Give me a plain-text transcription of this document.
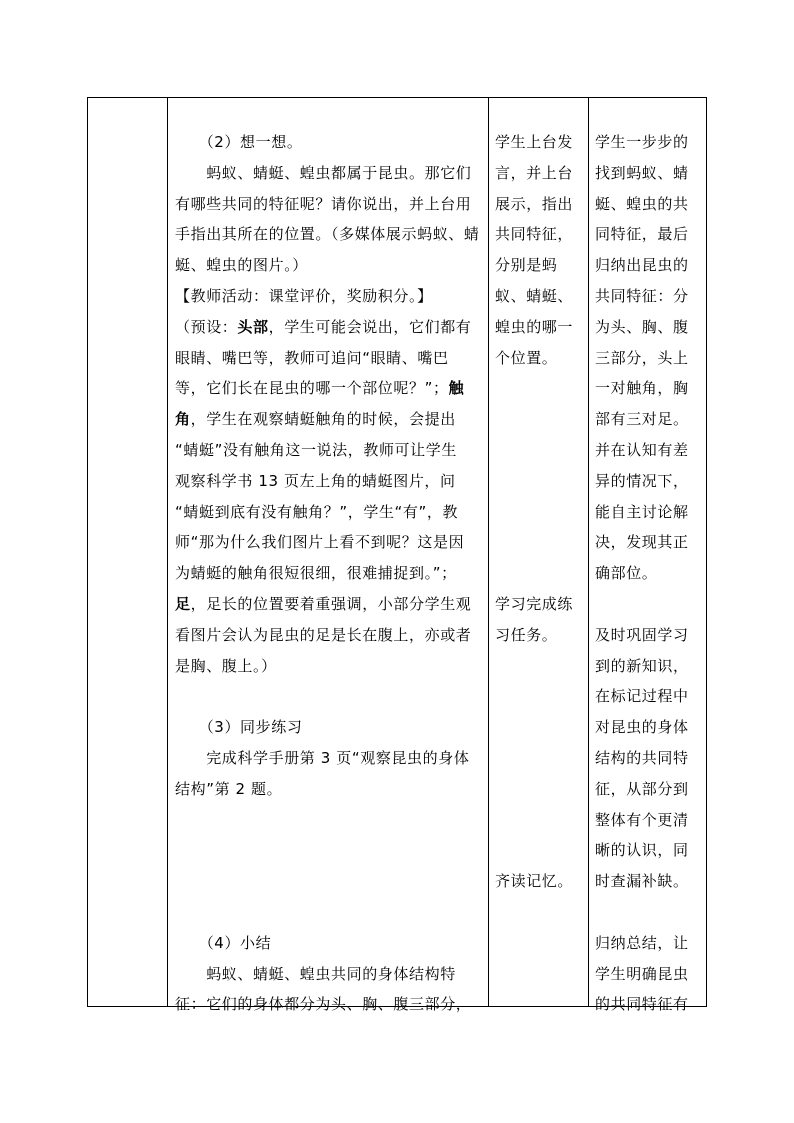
　　（2）想一想。
　　蚂蚁、蜻蜓、蝗虫都属于昆虫。那它们
有哪些共同的特征呢？请你说出，并上台用
手指出其所在的位置。（多媒体展示蚂蚁、蜻
蜓、蝗虫的图片。）
【教师活动：课堂评价，奖励积分。】
（预设：头部，学生可能会说出，它们都有
眼睛、嘴巴等，教师可追问“眼睛、嘴巴
等，它们长在昆虫的哪一个部位呢？”；触
角，学生在观察蜻蜓触角的时候，会提出
“蜻蜓”没有触角这一说法，教师可让学生
观察科学书 13 页左上角的蜻蜓图片，问
“蜻蜓到底有没有触角？”，学生“有”，教
师“那为什么我们图片上看不到呢？这是因
为蜻蜓的触角很短很细，很难捕捉到。”；
足，足长的位置要着重强调，小部分学生观
看图片会认为昆虫的足是长在腹上，亦或者
是胸、腹上。）
　　（3）同步练习
　　完成科学手册第 3 页“观察昆虫的身体
结构”第 2 题。
　　（4）小结
　　蚂蚁、蜻蜓、蝗虫共同的身体结构特
征：它们的身体都分为头、胸、腹三部分，
学生上台发
言，并上台
展示，指出
共同特征，
分别是蚂
蚁、蜻蜓、
蝗虫的哪一
个位置。
学习完成练
习任务。
齐读记忆。
学生一步步的
找到蚂蚁、蜻
蜓、蝗虫的共
同特征，最后
归纳出昆虫的
共同特征：分
为头、胸、腹
三部分，头上
一对触角，胸
部有三对足。
并在认知有差
异的情况下，
能自主讨论解
决，发现其正
确部位。
及时巩固学习
到的新知识，
在标记过程中
对昆虫的身体
结构的共同特
征，从部分到
整体有个更清
晰的认识，同
时查漏补缺。
归纳总结，让
学生明确昆虫
的共同特征有
